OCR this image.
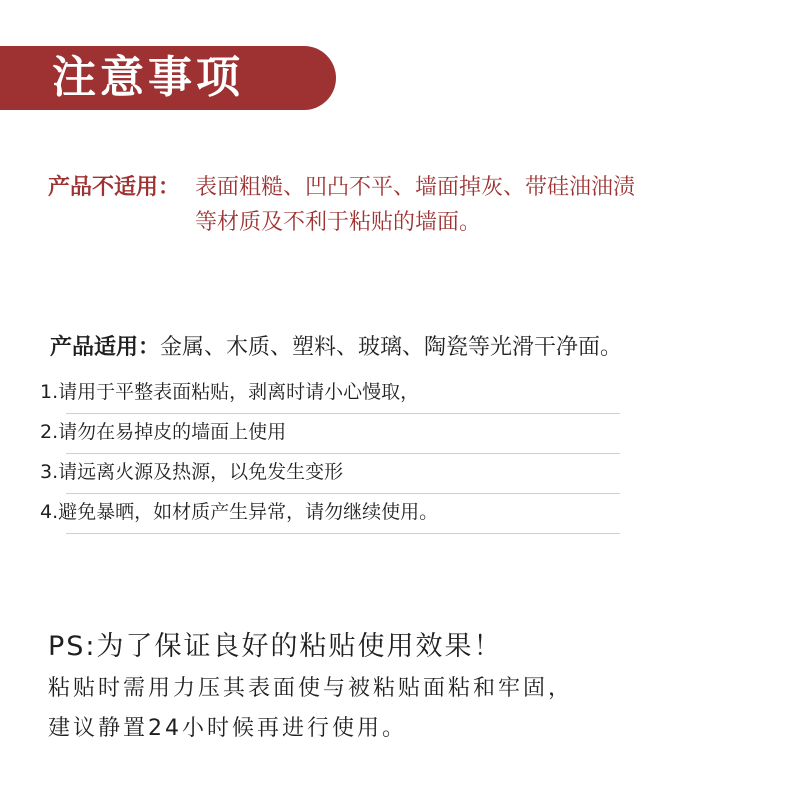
注意事项
产品不适用： 表面粗糙、凹凸不平、墙面掉灰、带硅油油渍
等材质及不利于粘贴的墙面。
产品适用：金属、木质、塑料、玻璃、陶瓷等光滑干净面。
1.请用于平整表面粘贴，剥离时请小心慢取，
2.请勿在易掉皮的墙面上使用
3.请远离火源及热源，以免发生变形
4.避免暴晒，如材质产生异常，请勿继续使用。
PS:为了保证良好的粘贴使用效果！
粘贴时需用力压其表面使与被粘贴面粘和牢固，
建议静置24小时候再进行使用。
